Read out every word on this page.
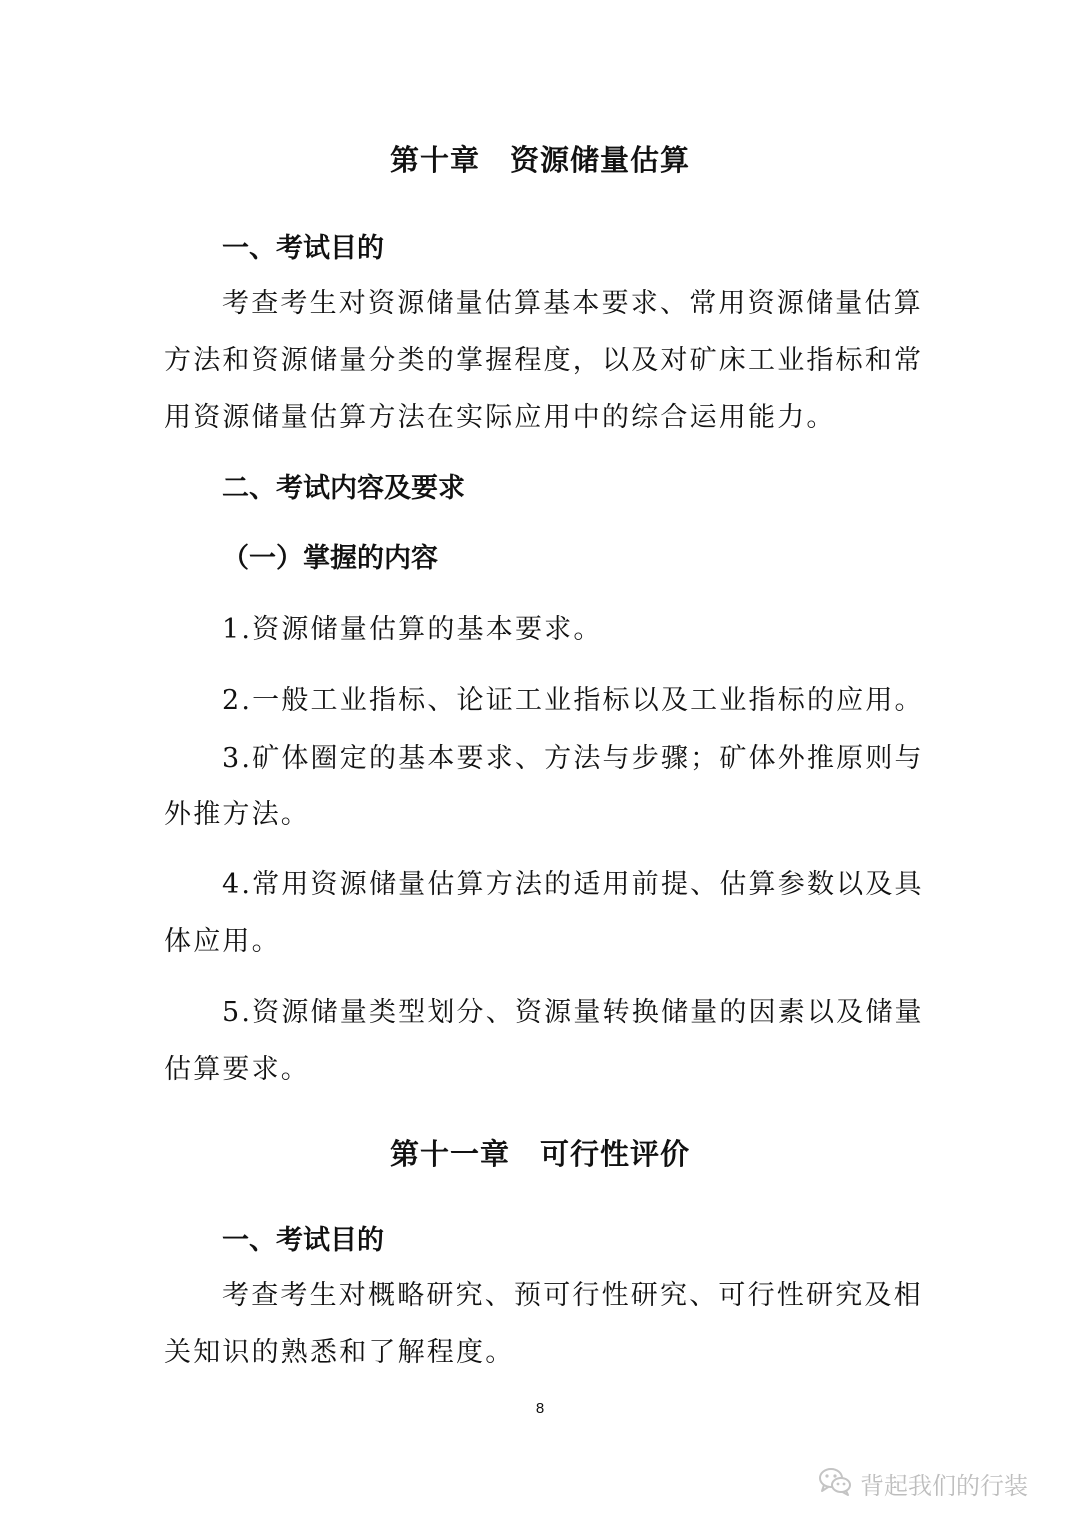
第十章　资源储量估算

一、考试目的

考查考生对资源储量估算基本要求、常用资源储量估算

方法和资源储量分类的掌握程度，以及对矿床工业指标和常

用资源储量估算方法在实际应用中的综合运用能力。

二、考试内容及要求

（一）掌握的内容

1.资源储量估算的基本要求。

2.一般工业指标、论证工业指标以及工业指标的应用。

3.矿体圈定的基本要求、方法与步骤；矿体外推原则与

外推方法。

4.常用资源储量估算方法的适用前提、估算参数以及具

体应用。

5.资源储量类型划分、资源量转换储量的因素以及储量

估算要求。

第十一章　可行性评价

一、考试目的

考查考生对概略研究、预可行性研究、可行性研究及相

关知识的熟悉和了解程度。

8

背起我们的行装
